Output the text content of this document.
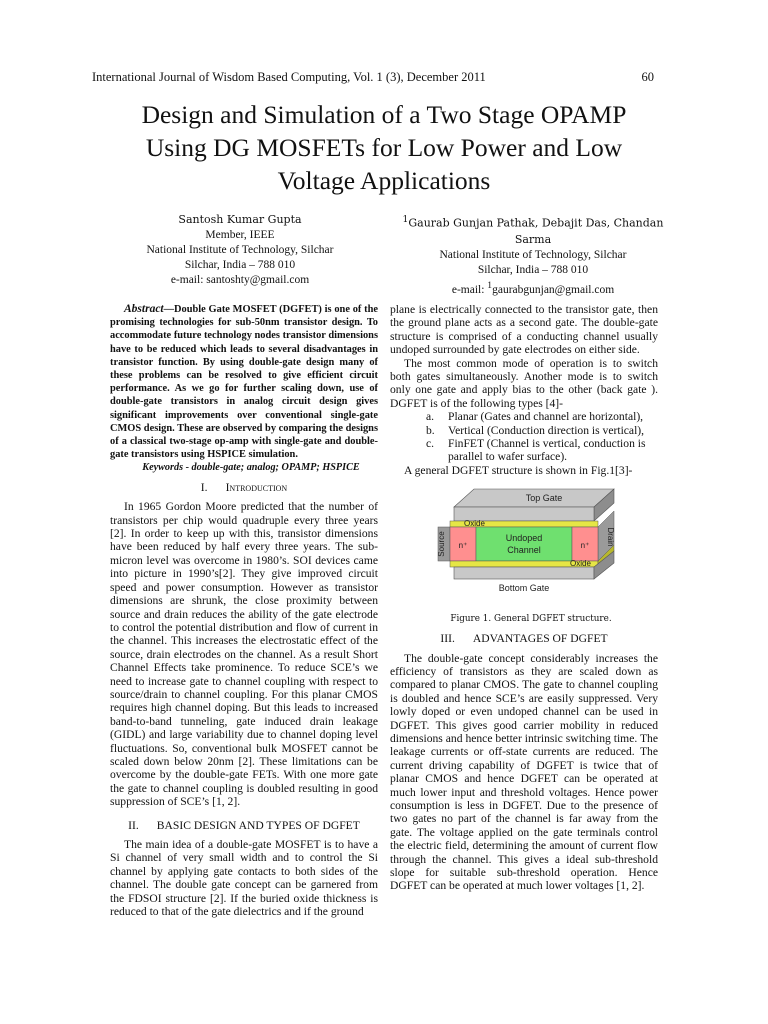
International Journal of Wisdom Based Computing, Vol. 1 (3), December 2011	60
Design and Simulation of a Two Stage OPAMP
Using DG MOSFETs for Low Power and Low
Voltage Applications
Santosh Kumar Gupta
Member, IEEE
National Institute of Technology, Silchar
Silchar, India – 788 010
e-mail: santoshty@gmail.com
$^1$Gaurab Gunjan Pathak, Debajit Das, Chandan
Sarma
National Institute of Technology, Silchar
Silchar, India – 788 010
e-mail: $^1$gaurabgunjan@gmail.com

Abstract—Double Gate MOSFET (DGFET) is one of the promising technologies for sub-50nm transistor design. To accommodate future technology nodes transistor dimensions have to be reduced which leads to several disadvantages in transistor function. By using double-gate design many of these problems can be resolved to give efficient circuit performance. As we go for further scaling down, use of double-gate transistors in analog circuit design gives significant improvements over conventional single-gate CMOS design. These are observed by comparing the designs of a classical two-stage op-amp with single-gate and double-gate transistors using HSPICE simulation.

Keywords - double-gate; analog; OPAMP; HSPICE

I. Introduction

In 1965 Gordon Moore predicted that the number of transistors per chip would quadruple every three years [2]. In order to keep up with this, transistor dimensions have been reduced by half every three years. The sub-micron level was overcome in 1980’s. SOI devices came into picture in 1990’s[2]. They give improved circuit speed and power consumption. However as transistor dimensions are shrunk, the close proximity between source and drain reduces the ability of the gate electrode to control the potential distribution and flow of current in the channel. This increases the electrostatic effect of the source, drain electrodes on the channel. As a result Short Channel Effects take prominence. To reduce SCE’s we need to increase gate to channel coupling with respect to source/drain to channel coupling. For this planar CMOS requires high channel doping. But this leads to increased band-to-band tunneling, gate induced drain leakage (GIDL) and large variability due to channel doping level fluctuations. So, conventional bulk MOSFET cannot be scaled down below 20nm [2]. These limitations can be overcome by the double-gate FETs. With one more gate the gate to channel coupling is doubled resulting in good suppression of SCE’s [1, 2].

II. BASIC DESIGN AND TYPES OF DGFET

The main idea of a double-gate MOSFET is to have a Si channel of very small width and to control the Si channel by applying gate contacts to both sides of the channel. The double gate concept can be garnered from the FDSOI structure [2]. If the buried oxide thickness is reduced to that of the gate dielectrics and if the ground

plane is electrically connected to the transistor gate, then the ground plane acts as a second gate. The double-gate structure is comprised of a conducting channel usually undoped surrounded by gate electrodes on either side.

The most common mode of operation is to switch both gates simultaneously. Another mode is to switch only one gate and apply bias to the other (back gate ). DGFET is of the following types [4]-

a.	Planar (Gates and channel are horizontal),
b.	Vertical (Conduction direction is vertical),
c.	FinFET (Channel is vertical, conduction is parallel to wafer surface).

A general DGFET structure is shown in Fig.1[3]-

Top Gate
Oxide
n⁺
Undoped
Channel	n⁺
Source	Drain
Oxide
Bottom Gate

Figure 1. General DGFET structure.

III. ADVANTAGES OF DGFET

The double-gate concept considerably increases the efficiency of transistors as they are scaled down as compared to planar CMOS. The gate to channel coupling is doubled and hence SCE’s are easily suppressed. Very lowly doped or even undoped channel can be used in DGFET. This gives good carrier mobility in reduced dimensions and hence better intrinsic switching time. The leakage currents or off-state currents are reduced. The current driving capability of DGFET is twice that of planar CMOS and hence DGFET can be operated at much lower input and threshold voltages. Hence power consumption is less in DGFET. Due to the presence of two gates no part of the channel is far away from the gate. The voltage applied on the gate terminals control the electric field, determining the amount of current flow through the channel. This gives a ideal sub-threshold slope for suitable sub-threshold operation. Hence DGFET can be operated at much lower voltages [1, 2].
